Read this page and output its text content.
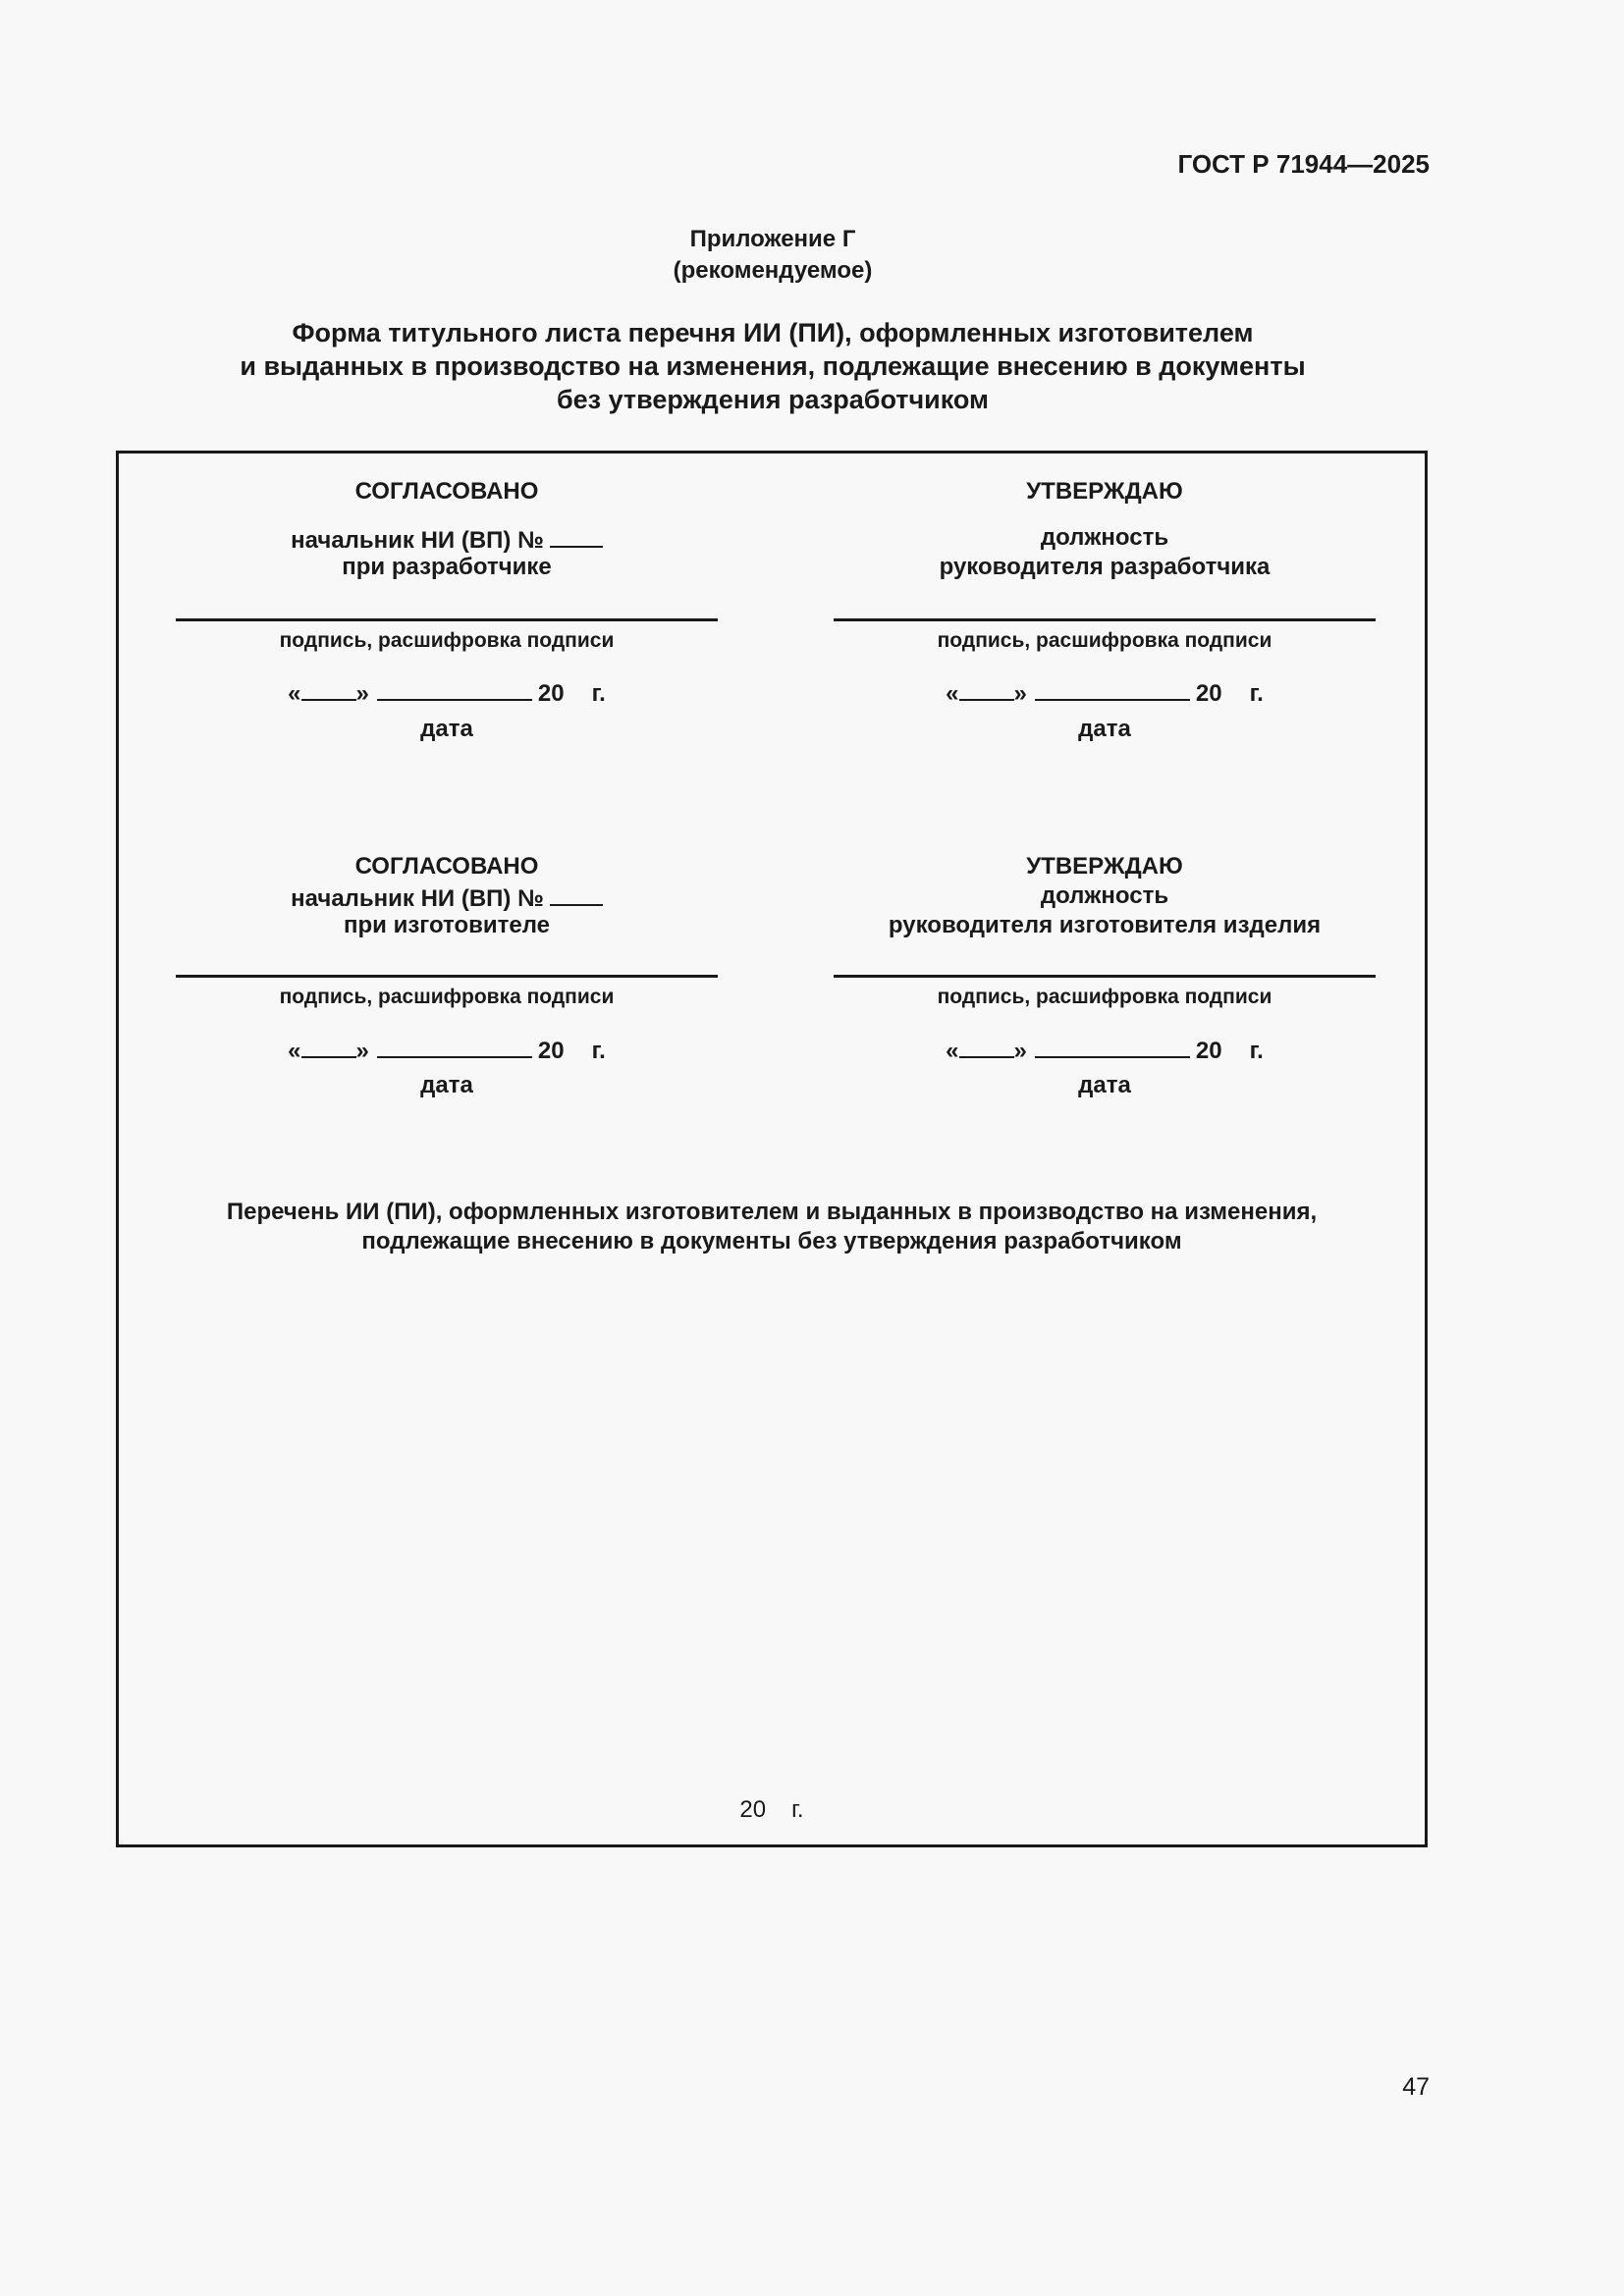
ГОСТ Р 71944—2025
Приложение Г
(рекомендуемое)
Форма титульного листа перечня ИИ (ПИ), оформленных изготовителем
и выданных в производство на изменения, подлежащие внесению в документы
без утверждения разработчиком
СОГЛАСОВАНО
начальник НИ (ВП) №
при разработчике
подпись, расшифровка подписи
« »	20 г.
дата
УТВЕРЖДАЮ
должность
руководителя разработчика
подпись, расшифровка подписи
« »	20 г.
дата
СОГЛАСОВАНО
начальник НИ (ВП) №
при изготовителе
подпись, расшифровка подписи
« »	20 г.
дата
УТВЕРЖДАЮ
должность
руководителя изготовителя изделия
подпись, расшифровка подписи
« »	20 г.
дата
Перечень ИИ (ПИ), оформленных изготовителем и выданных в производство на изменения,
подлежащие внесению в документы без утверждения разработчиком
20 г.
47
